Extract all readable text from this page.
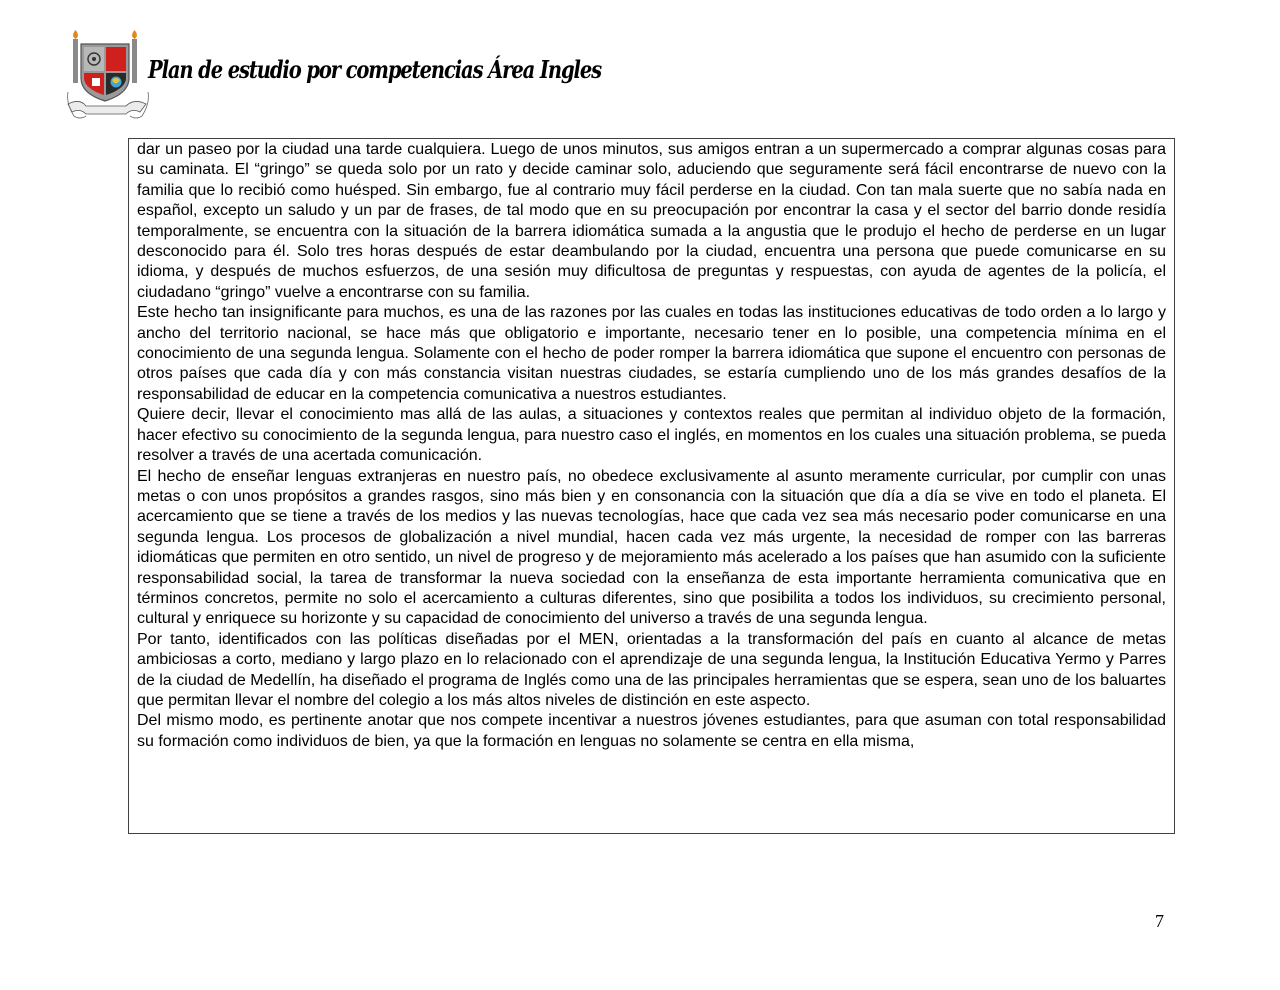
Plan de estudio por competencias Área Ingles

dar un paseo por la ciudad una tarde cualquiera. Luego de unos minutos, sus amigos entran a un supermercado a comprar algunas cosas para su caminata. El “gringo” se queda solo por un rato y decide caminar solo, aduciendo que seguramente será fácil encontrarse de nuevo con la familia que lo recibió como huésped. Sin embargo, fue al contrario muy fácil perderse en la ciudad. Con tan mala suerte que no sabía nada en español, excepto un saludo y un par de frases, de tal modo que en su preocupación por encontrar la casa y el sector del barrio donde residía temporalmente, se encuentra con la situación de la barrera idiomática sumada a la angustia que le produjo el hecho de perderse en un lugar desconocido para él. Solo tres horas después de estar deambulando por la ciudad, encuentra una persona que puede comunicarse en su idioma, y después de muchos esfuerzos, de una sesión muy dificultosa de preguntas y respuestas, con ayuda de agentes de la policía, el ciudadano “gringo” vuelve a encontrarse con su familia.

Este hecho tan insignificante para muchos, es una de las razones por las cuales en todas las instituciones educativas de todo orden a lo largo y ancho del territorio nacional, se hace más que obligatorio e importante, necesario tener en lo posible, una competencia mínima en el conocimiento de una segunda lengua. Solamente con el hecho de poder romper la barrera idiomática que supone el encuentro con personas de otros países que cada día y con más constancia visitan nuestras ciudades, se estaría cumpliendo uno de los más grandes desafíos de la responsabilidad de educar en la competencia comunicativa a nuestros estudiantes.

Quiere decir, llevar el conocimiento mas allá de las aulas, a situaciones y contextos reales que permitan al individuo objeto de la formación, hacer efectivo su conocimiento de la segunda lengua, para nuestro caso el inglés, en momentos en los cuales una situación problema, se pueda resolver a través de una acertada comunicación.

El hecho de enseñar lenguas extranjeras en nuestro país, no obedece exclusivamente al asunto meramente curricular, por cumplir con unas metas o con unos propósitos a grandes rasgos, sino más bien y en consonancia con la situación que día a día se vive en todo el planeta. El acercamiento que se tiene a través de los medios y las nuevas tecnologías, hace que cada vez sea más necesario poder comunicarse en una segunda lengua. Los procesos de globalización a nivel mundial, hacen cada vez más urgente, la necesidad de romper con las barreras idiomáticas que permiten en otro sentido, un nivel de progreso y de mejoramiento más acelerado a los países que han asumido con la suficiente responsabilidad social, la tarea de transformar la nueva sociedad con la enseñanza de esta importante herramienta comunicativa que en términos concretos, permite no solo el acercamiento a culturas diferentes, sino que posibilita a todos los individuos, su crecimiento personal, cultural y enriquece su horizonte y su capacidad de conocimiento del universo a través de una segunda lengua.

Por tanto, identificados con las políticas diseñadas por el MEN, orientadas a la transformación del país en cuanto al alcance de metas ambiciosas a corto, mediano y largo plazo en lo relacionado con el aprendizaje de una segunda lengua, la Institución Educativa Yermo y Parres de la ciudad de Medellín, ha diseñado el programa de Inglés como una de las principales herramientas que se espera, sean uno de los baluartes que permitan llevar el nombre del colegio a los más altos niveles de distinción en este aspecto.

Del mismo modo, es pertinente anotar que nos compete incentivar a nuestros jóvenes estudiantes, para que asuman con total responsabilidad su formación como individuos de bien, ya que la formación en lenguas no solamente se centra en ella misma,

7
